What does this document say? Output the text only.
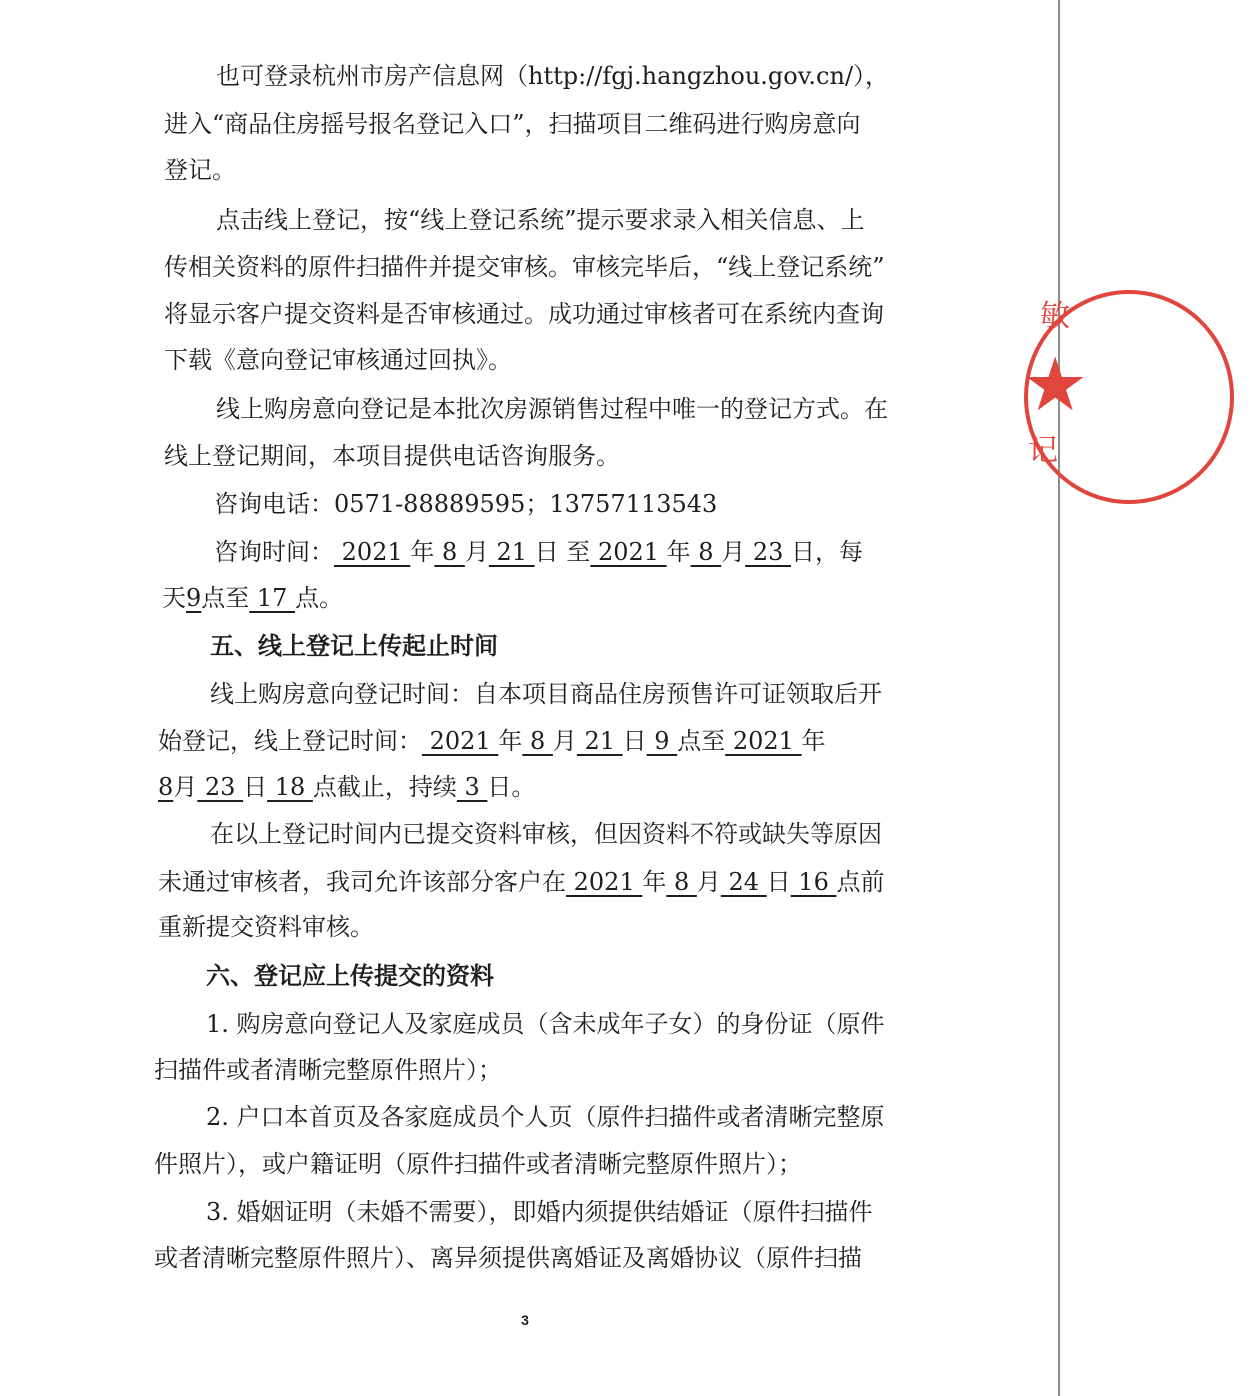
也可登录杭州市房产信息网（http://fgj.hangzhou.gov.cn/），
进入“商品住房摇号报名登记入口”，扫描项目二维码进行购房意向
登记。
点击线上登记，按“线上登记系统”提示要求录入相关信息、上
传相关资料的原件扫描件并提交审核。审核完毕后，“线上登记系统”
将显示客户提交资料是否审核通过。成功通过审核者可在系统内查询
下载《意向登记审核通过回执》。
线上购房意向登记是本批次房源销售过程中唯一的登记方式。在
线上登记期间，本项目提供电话咨询服务。
咨询电话：0571-88889595；13757113543
咨询时间： 2021 年 8 月 21 日 至 2021 年 8 月 23 日，每
天9点至 17 点。
五、线上登记上传起止时间
线上购房意向登记时间：自本项目商品住房预售许可证领取后开
始登记，线上登记时间： 2021 年 8 月 21 日 9 点至 2021 年
8月 23 日 18 点截止，持续 3 日。
在以上登记时间内已提交资料审核，但因资料不符或缺失等原因
未通过审核者，我司允许该部分客户在 2021 年 8 月 24 日 16 点前
重新提交资料审核。
六、登记应上传提交的资料
1. 购房意向登记人及家庭成员（含未成年子女）的身份证（原件
扫描件或者清晰完整原件照片）；
2. 户口本首页及各家庭成员个人页（原件扫描件或者清晰完整原
件照片），或户籍证明（原件扫描件或者清晰完整原件照片）；
3. 婚姻证明（未婚不需要），即婚内须提供结婚证（原件扫描件
或者清晰完整原件照片）、离异须提供离婚证及离婚协议（原件扫描
敏
★
记
3
